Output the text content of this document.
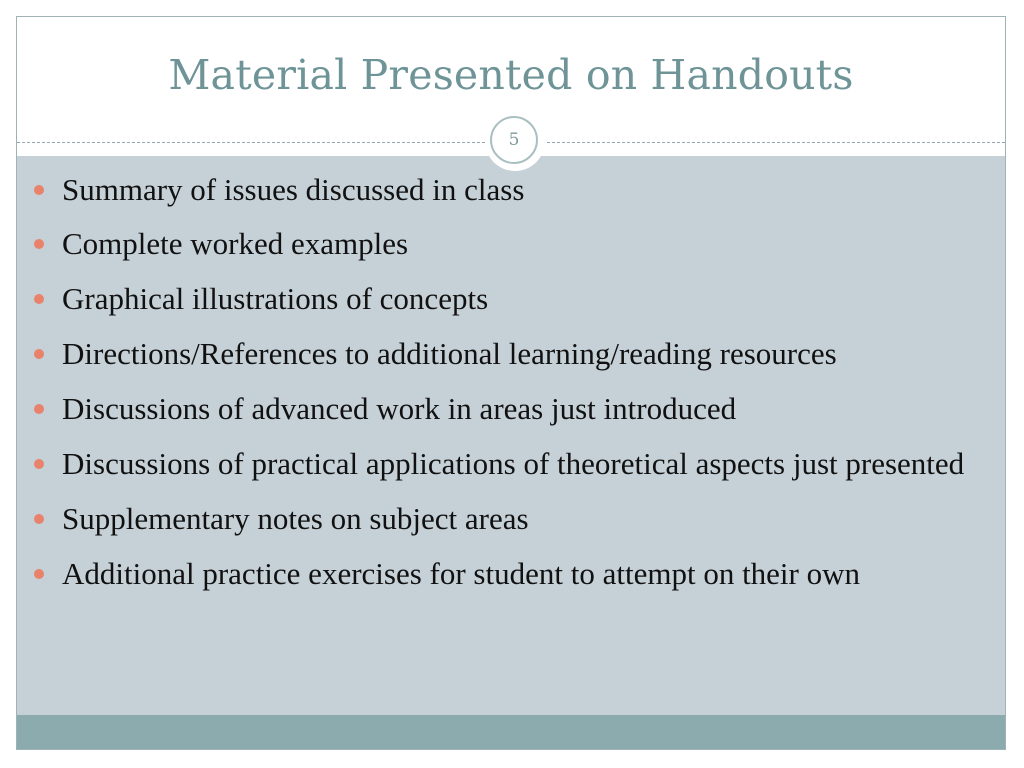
Material Presented on Handouts
5
Summary of issues discussed in class
Complete worked examples
Graphical illustrations of concepts
Directions/References to additional learning/reading resources
Discussions of advanced work in areas just introduced
Discussions of practical applications of theoretical aspects just presented
Supplementary notes on subject areas
Additional practice exercises for student to attempt on their own
